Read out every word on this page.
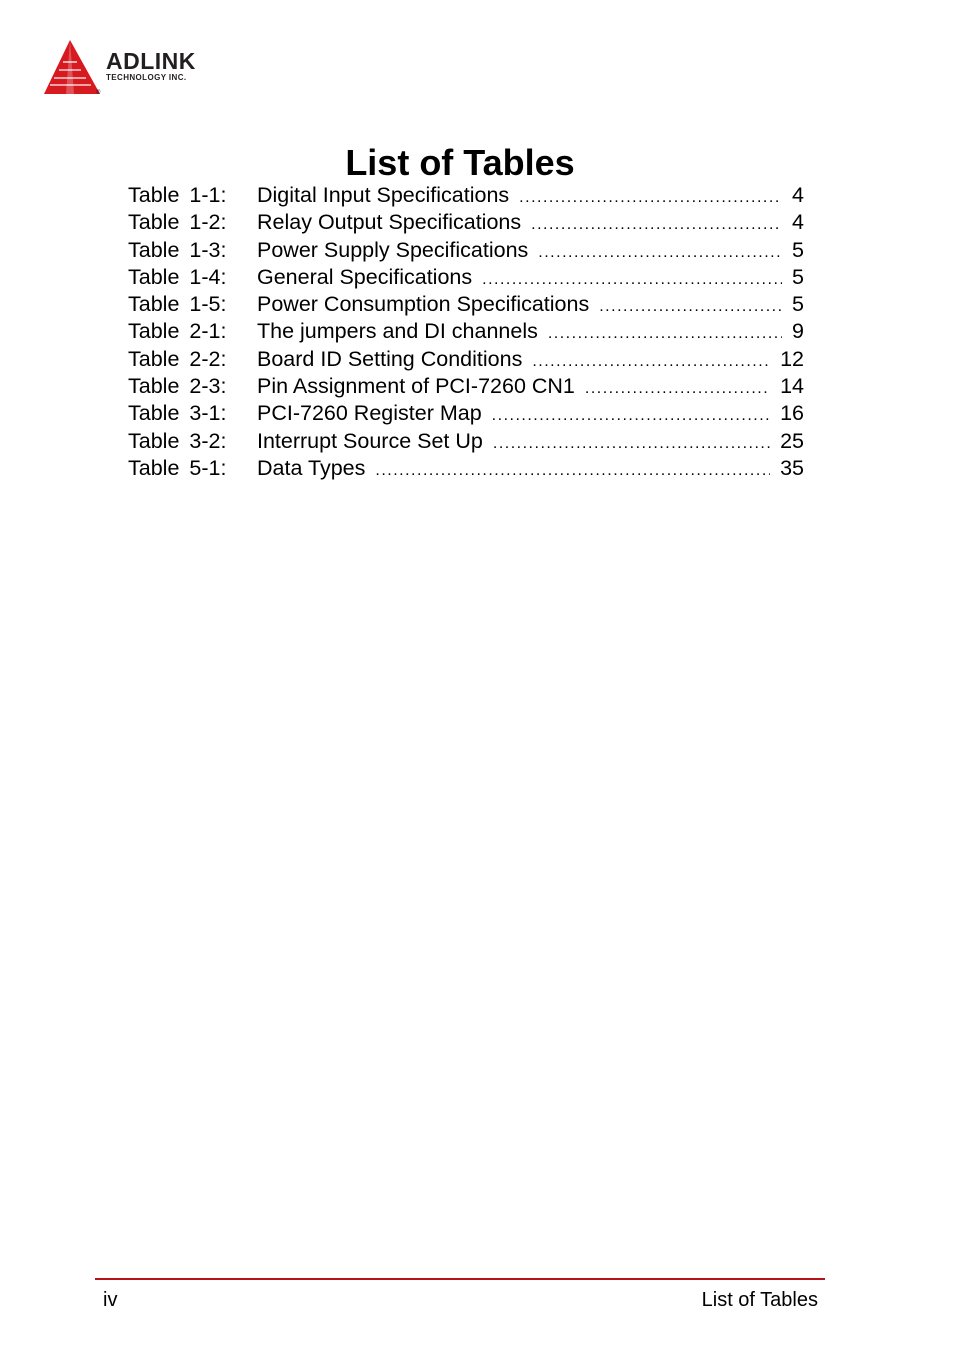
ADLINK
TECHNOLOGY INC.
®
List of Tables
Table 1-1:	Digital Input Specifications .....	4
Table 1-2:	Relay Output Specifications .....	4
Table 1-3:	Power Supply Specifications .....	5
Table 1-4:	General Specifications .....	5
Table 1-5:	Power Consumption Specifications .....	5
Table 2-1:	The jumpers and DI channels .....	9
Table 2-2:	Board ID Setting Conditions .....	12
Table 2-3:	Pin Assignment of PCI-7260 CN1 .....	14
Table 3-1:	PCI-7260 Register Map .....	16
Table 3-2:	Interrupt Source Set Up .....	25
Table 5-1:	Data Types .....	35
iv	List of Tables
